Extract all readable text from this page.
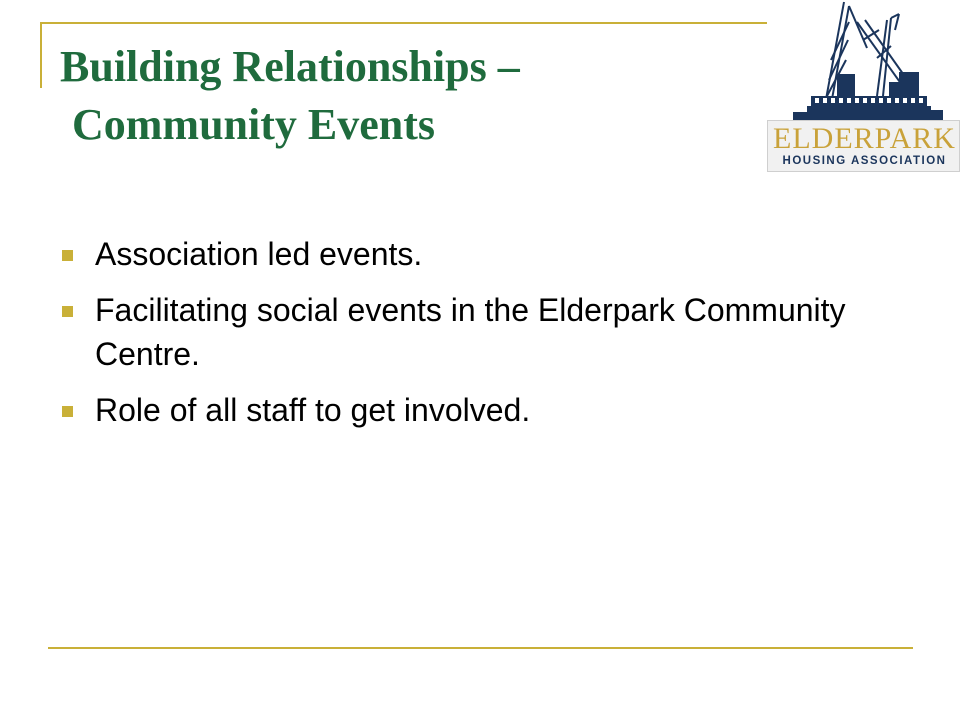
Building Relationships –
Community Events	ELDERPARK
HOUSING ASSOCIATION
Association led events.
Facilitating social events in the Elderpark Community Centre.
Role of all staff to get involved.
